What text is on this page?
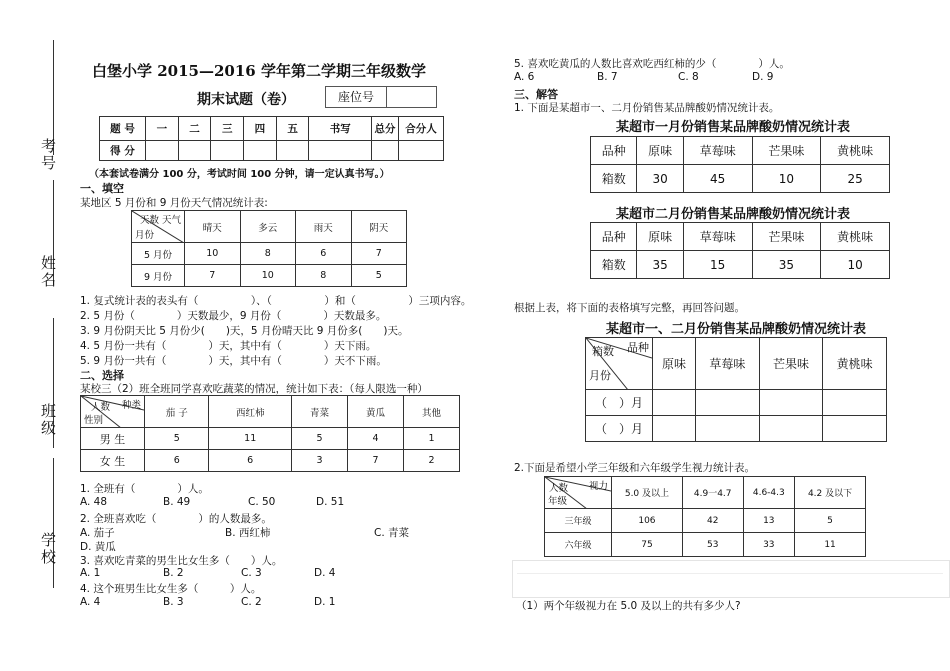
考号
姓名
班级
学校
白堡小学 2015—2016 学年第二学期三年级数学
期末试题（卷）	座位号
题 号	一	二	三	四	五	书写	总分	合分人
得 分								
（本套试卷满分 100 分，考试时间 100 分钟，请一定认真书写。）
一、填空
某地区 5 月份和 9 月份天气情况统计表:
天数 天气
月份	晴天	多云	雨天	阴天
5 月份	10	8	6	7
9 月份	7	10	8	5
1. 复式统计表的表头有（　　　　　）、（　　　　　）和（　　　　　）三项内容。
2. 5 月份（　　　　）天数最少，9 月份（　　　　）天数最多。
3. 9 月份阴天比 5 月份少(　　)天，5 月份晴天比 9 月份多(　　)天。
4. 5 月份一共有（　　　　）天，其中有（　　　　）天下雨。
5. 9 月份一共有（　　　　）天，其中有（　　　　）天不下雨。
二、选择
某校三（2）班全班同学喜欢吃蔬菜的情况，统计如下表：（每人限选一种）
种类
人数
性别	茄 子	西红柿	青菜	黄瓜	其他
男 生	5	11	5	4	1
女 生	6	6	3	7	2
1. 全班有（　　　　）人。
A. 48	B. 49	C. 50	D. 51
2. 全班喜欢吃（　　　　）的人数最多。
A. 茄子	B. 西红柿	C. 青菜
D. 黄瓜
3. 喜欢吃青菜的男生比女生多（　　）人。
A. 1	B. 2	C. 3	D. 4
4. 这个班男生比女生多（　　　）人。
A. 4	B. 3	C. 2	D. 1
5. 喜欢吃黄瓜的人数比喜欢吃西红柿的少（　　　　）人。
A. 6	B. 7	C. 8	D. 9
三、解答
1. 下面是某超市一、二月份销售某品牌酸奶情况统计表。
某超市一月份销售某品牌酸奶情况统计表
品种	原味	草莓味	芒果味	黄桃味
箱数	30	45	10	25
某超市二月份销售某品牌酸奶情况统计表
品种	原味	草莓味	芒果味	黄桃味
箱数	35	15	35	10
根据上表，将下面的表格填写完整，再回答问题。
某超市一、二月份销售某品牌酸奶情况统计表
品种
箱数
月份	原味	草莓味	芒果味	黄桃味
（　）月				
（　）月				
2.下面是希望小学三年级和六年级学生视力统计表。
视力
人数
年级	5.0 及以上	4.9一4.7	4.6-4.3	4.2 及以下
三年级	106	42	13	5
六年级	75	53	33	11
（1）两个年级视力在 5.0 及以上的共有多少人?
